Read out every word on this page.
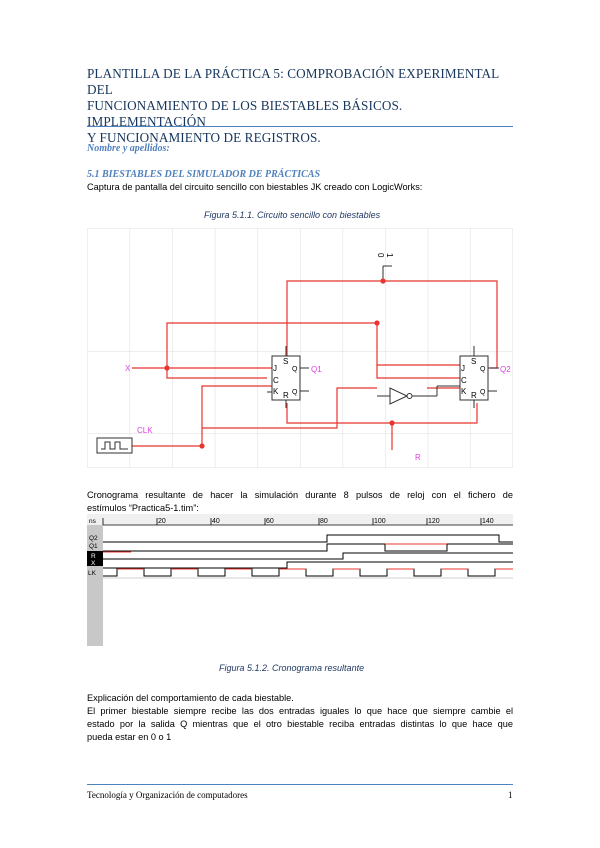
PLANTILLA DE LA PRÁCTICA 5: COMPROBACIÓN EXPERIMENTAL DEL
FUNCIONAMIENTO DE LOS BIESTABLES BÁSICOS. IMPLEMENTACIÓN
Y FUNCIONAMIENTO DE REGISTROS.
Nombre y apellidos:
5.1 BIESTABLES DEL SIMULADOR DE PRÁCTICAS
Captura de pantalla del circuito sencillo con biestables JK creado con LogicWorks:
Figura 5.1.1. Circuito sencillo con biestables
J
C
K
S
R
Q
Q
Q1	J
C
K
S
R
Q
Q
Q2
0 1
X
CLK
R
Cronograma resultante de hacer la simulación durante 8 pulsos de reloj con el fichero de
estímulos “Practica5-1.tim”:
20	40	60	80	100	120	140
ns
Q2
Q1
R
X
LK
Figura 5.1.2. Cronograma resultante
Explicación del comportamiento de cada biestable.
El primer biestable siempre recibe las dos entradas iguales lo que hace que siempre cambie el
estado por la salida Q mientras que el otro biestable reciba entradas distintas lo que hace que
pueda estar en 0 o 1
Tecnología y Organización de computadores	1
